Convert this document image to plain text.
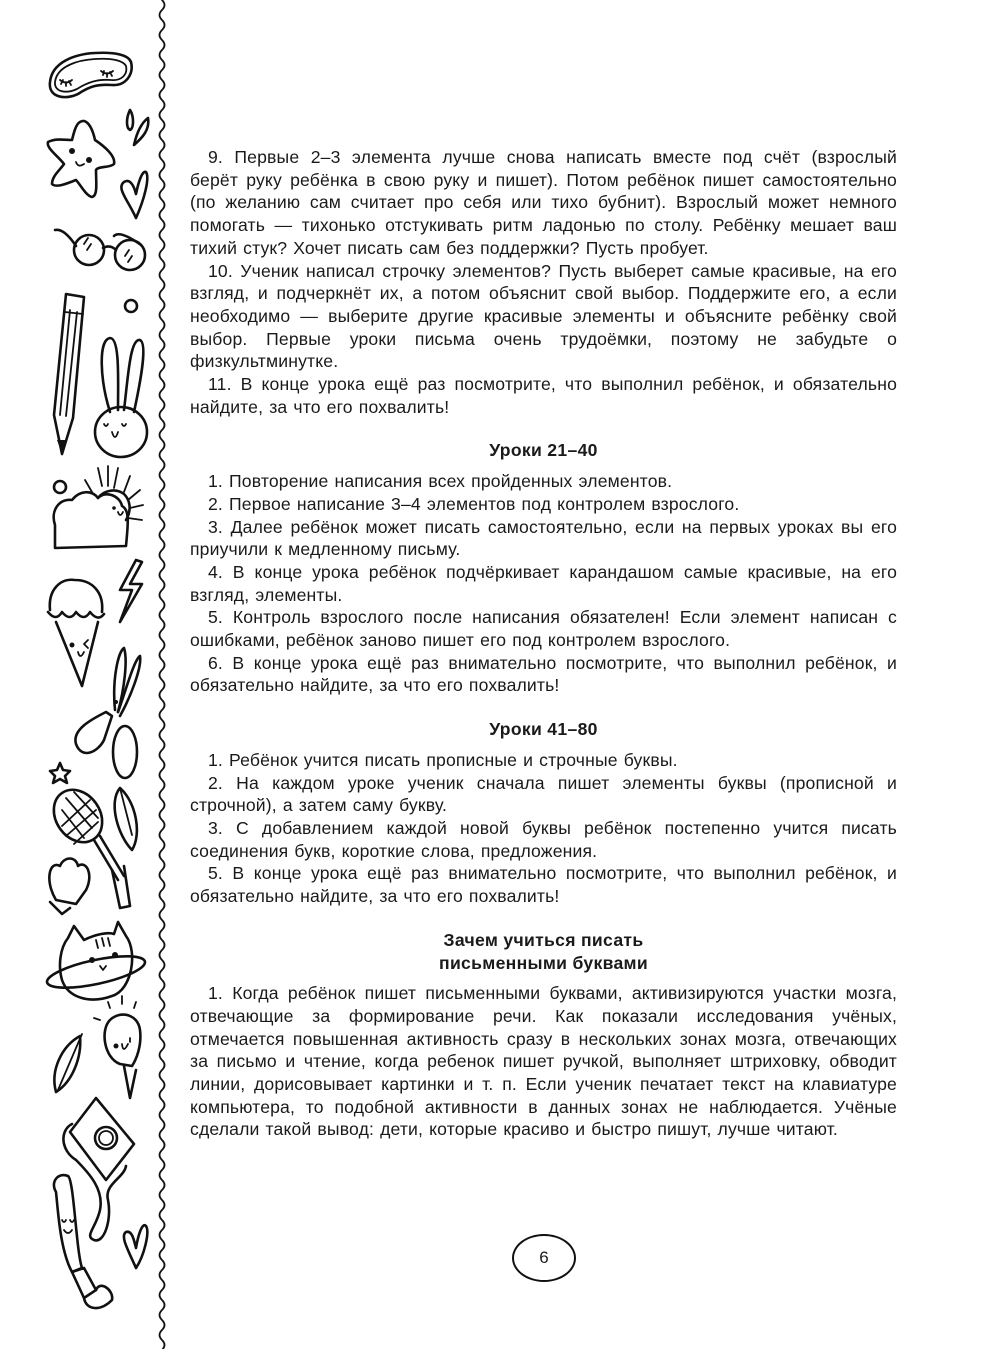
9. Первые 2–3 элемента лучше снова написать вместе под счёт (взрослый берёт руку ребёнка в свою руку и пишет). Потом ребёнок пишет самостоятельно (по желанию сам считает про себя или тихо бубнит). Взрослый может немного помогать — тихонько отстукивать ритм ладонью по столу. Ребёнку мешает ваш тихий стук? Хочет писать сам без поддержки? Пусть пробует.

10. Ученик написал строчку элементов? Пусть выберет самые красивые, на его взгляд, и подчеркнёт их, а потом объяснит свой выбор. Поддержите его, а если необходимо — выберите другие красивые элементы и объясните ребёнку свой выбор. Первые уроки письма очень трудоёмки, поэтому не забудьте о физкультминутке.

11. В конце урока ещё раз посмотрите, что выполнил ребёнок, и обязательно найдите, за что его похвалить!

Уроки 21–40

1. Повторение написания всех пройденных элементов.

2. Первое написание 3–4 элементов под контролем взрослого.

3. Далее ребёнок может писать самостоятельно, если на первых уроках вы его приучили к медленному письму.

4. В конце урока ребёнок подчёркивает карандашом самые красивые, на его взгляд, элементы.

5. Контроль взрослого после написания обязателен! Если элемент написан с ошибками, ребёнок заново пишет его под контролем взрослого.

6. В конце урока ещё раз внимательно посмотрите, что выполнил ребёнок, и обязательно найдите, за что его похвалить!

Уроки 41–80

1. Ребёнок учится писать прописные и строчные буквы.

2. На каждом уроке ученик сначала пишет элементы буквы (прописной и строчной), а затем саму букву.

3. С добавлением каждой новой буквы ребёнок постепенно учится писать соединения букв, короткие слова, предложения.

5. В конце урока ещё раз внимательно посмотрите, что выполнил ребёнок, и обязательно найдите, за что его похвалить!

Зачем учиться писать
письменными буквами

1. Когда ребёнок пишет письменными буквами, активизируются участки мозга, отвечающие за формирование речи. Как показали исследования учёных, отмечается повышенная активность сразу в нескольких зонах мозга, отвечающих за письмо и чтение, когда ребенок пишет ручкой, выполняет штриховку, обводит линии, дорисовывает картинки и т. п. Если ученик печатает текст на клавиатуре компьютера, то подобной активности в данных зонах не наблюдается. Учёные сделали такой вывод: дети, которые красиво и быстро пишут, лучше читают.

6
